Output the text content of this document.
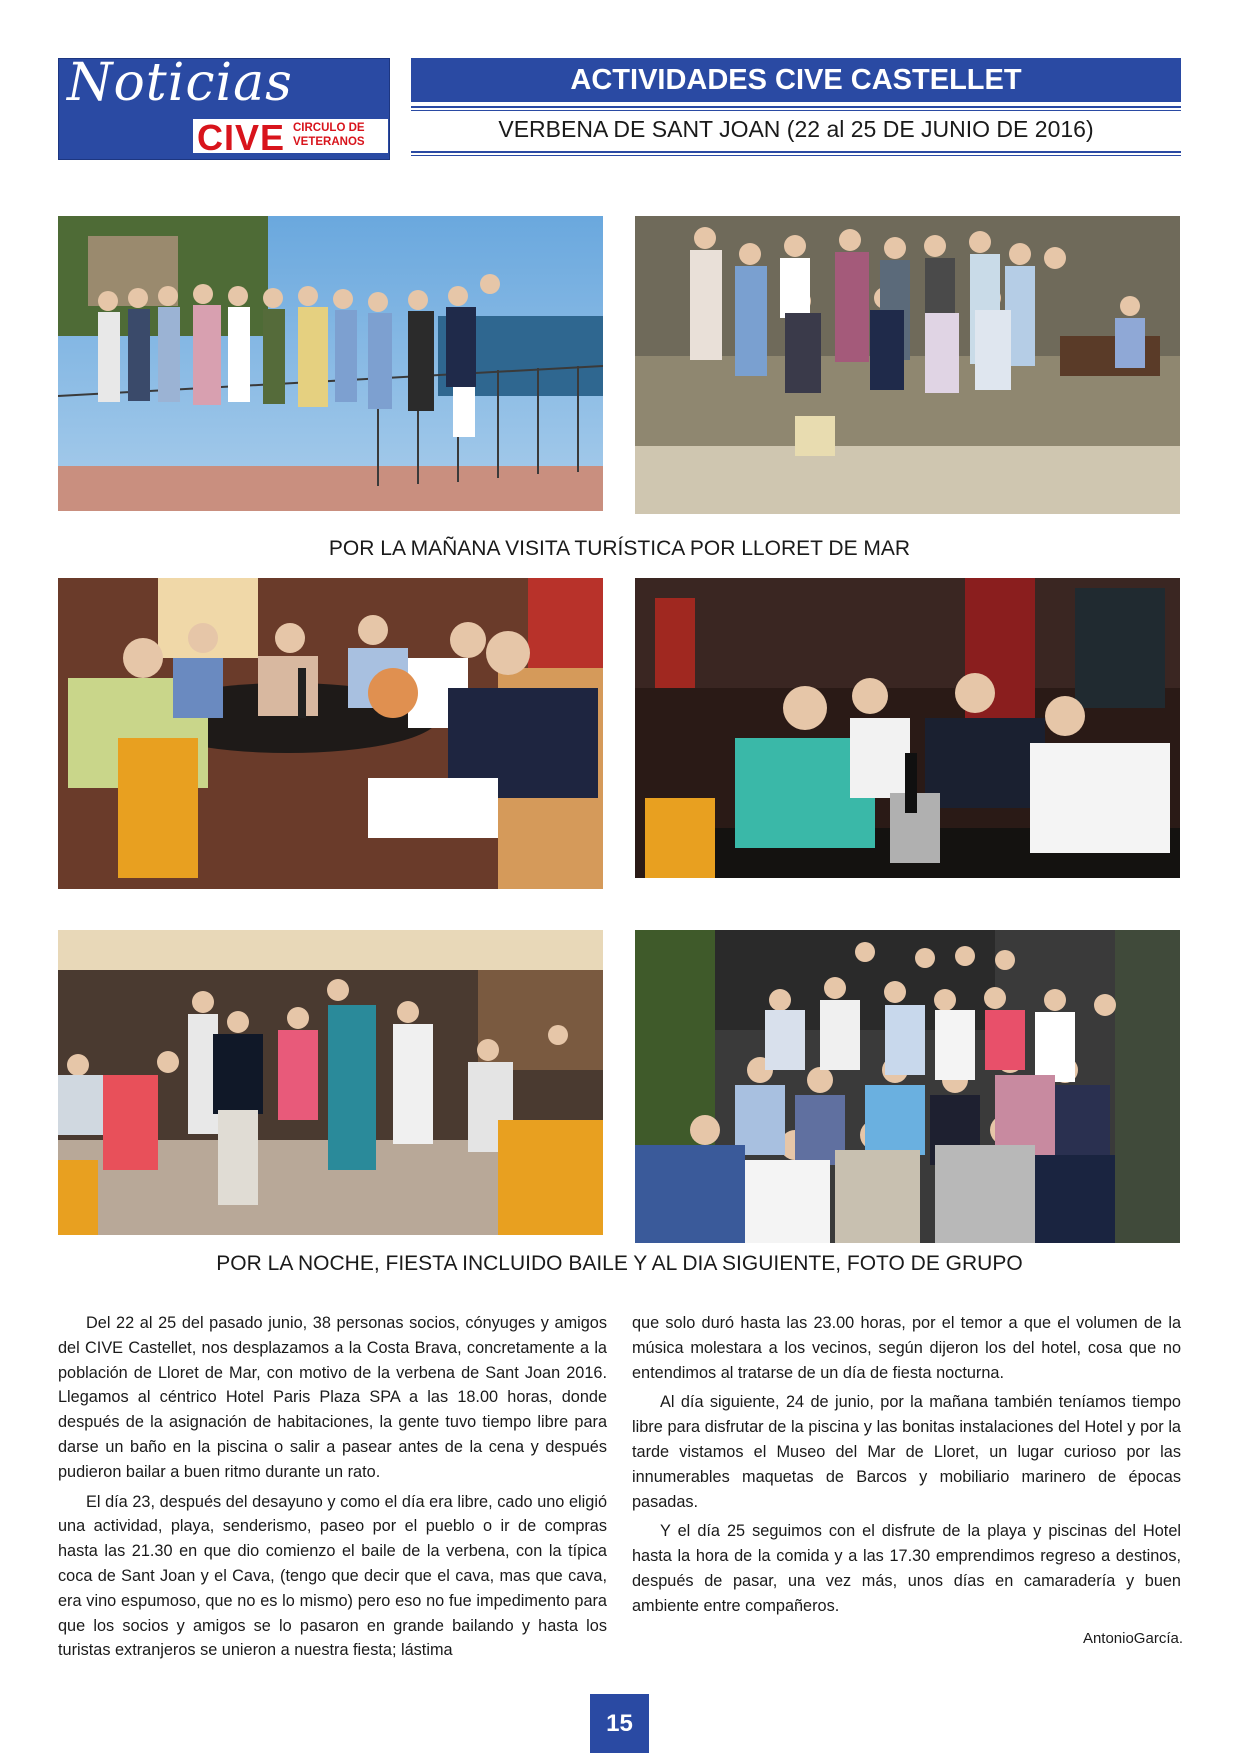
Noticias
CIVE CIRCULO DE
VETERANOS
ACTIVIDADES CIVE CASTELLET
VERBENA DE SANT JOAN (22 al 25 DE JUNIO DE 2016)
POR LA MAÑANA VISITA TURÍSTICA POR LLORET DE MAR
POR LA NOCHE, FIESTA INCLUIDO BAILE Y AL DIA SIGUIENTE, FOTO DE GRUPO

Del 22 al 25 del pasado junio, 38 personas socios, cónyuges y amigos del CIVE Castellet, nos desplazamos a la Costa Brava, concretamente a la población de Lloret de Mar, con motivo de la verbena de Sant Joan 2016. Llegamos al céntrico Hotel Paris Plaza SPA a las 18.00 horas, donde después de la asignación de habitaciones, la gente tuvo tiempo libre para darse un baño en la piscina o salir a pasear antes de la cena y después pudieron bailar a buen ritmo durante un rato.

El día 23, después del desayuno y como el día era libre, cado uno eligió una actividad, playa, senderismo, paseo por el pueblo o ir de compras hasta las 21.30 en que dio comienzo el baile de la verbena, con la típica coca de Sant Joan y el Cava, (tengo que decir que el cava, mas que cava, era vino espumoso, que no es lo mismo) pero eso no fue impedimento para que los socios y amigos se lo pasaron en grande bailando y hasta los turistas extranjeros se unieron a nuestra fiesta; lástima

que solo duró hasta las 23.00 horas, por el temor a que el volumen de la música molestara a los vecinos, según dijeron los del hotel, cosa que no entendimos al tratarse de un día de fiesta nocturna.

Al día siguiente, 24 de junio, por la mañana también teníamos tiempo libre para disfrutar de la piscina y las bonitas instalaciones del Hotel y por la tarde vistamos el Museo del Mar de Lloret, un lugar curioso por las innumerables maquetas de Barcos y mobiliario marinero de épocas pasadas.

Y el día 25 seguimos con el disfrute de la playa y piscinas del Hotel hasta la hora de la comida y a las 17.30 emprendimos regreso a destinos, después de pasar, una vez más, unos días en camaradería y buen ambiente entre compañeros.

AntonioGarcía.
15
